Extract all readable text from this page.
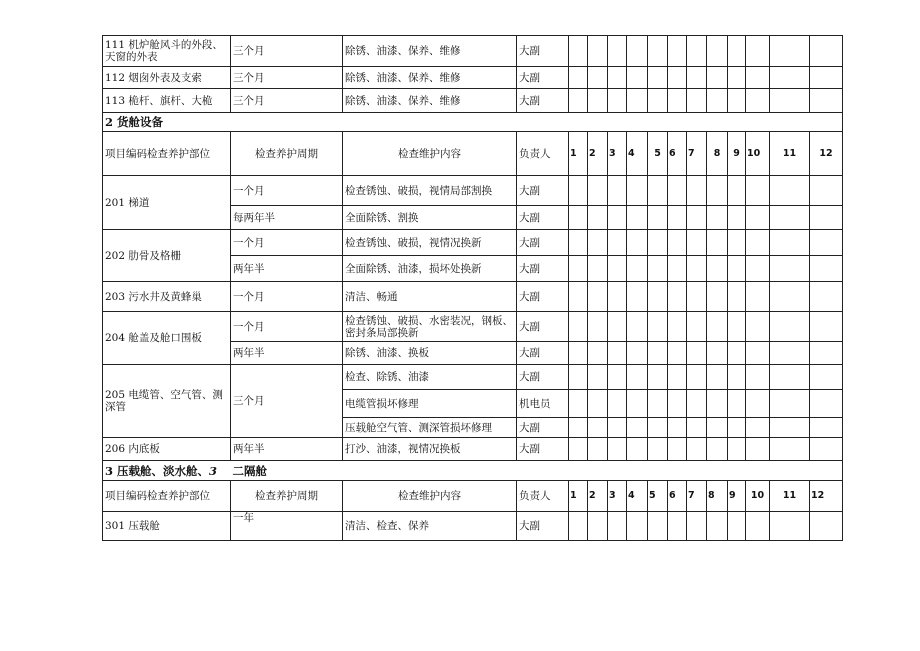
111 机炉舱风斗的外段、天窗的外表	三个月	除锈、油漆、保养、维修	大副												
112 烟囱外表及支索	三个月	除锈、油漆、保养、维修	大副												
113 桅杆、旗杆、大桅	三个月	除锈、油漆、保养、维修	大副												
2 货舱设备															
项目编码检查养护部位	检查养护周期	检查维护内容	负责人	1	2	3	4	5	6	7	8	9	10	11	12
201 梯道	一个月	检查锈蚀、破损，视情局部割换	大副												
	每两年半	全面除锈、割换	大副												
202 肋骨及格栅	一个月	检查锈蚀、破损，视情况换新	大副												
	两年半	全面除锈、油漆，损坏处换新	大副												
203 污水井及黄蜂巢	一个月	清洁、畅通	大副												
204 舱盖及舱口围板	一个月	检查锈蚀、破损、水密装况，钢板、密封条局部换新	大副												
	两年半	除锈、油漆、换板	大副												
205 电缆管、空气管、测深管	三个月	检查、除锈、油漆	大副												
		电缆管损坏修理	机电员												
		压载舱空气管、测深管损坏修理	大副												
206 内底板	两年半	打沙、油漆，视情况换板	大副												
3 压载舱、淡水舱、3	二隔舱														
项目编码检查养护部位	检查养护周期	检查维护内容	负责人	1	2	3	4	5	6	7	8	9	10	11	12
301 压载舱	一年	清洁、检查、保养	大副												
